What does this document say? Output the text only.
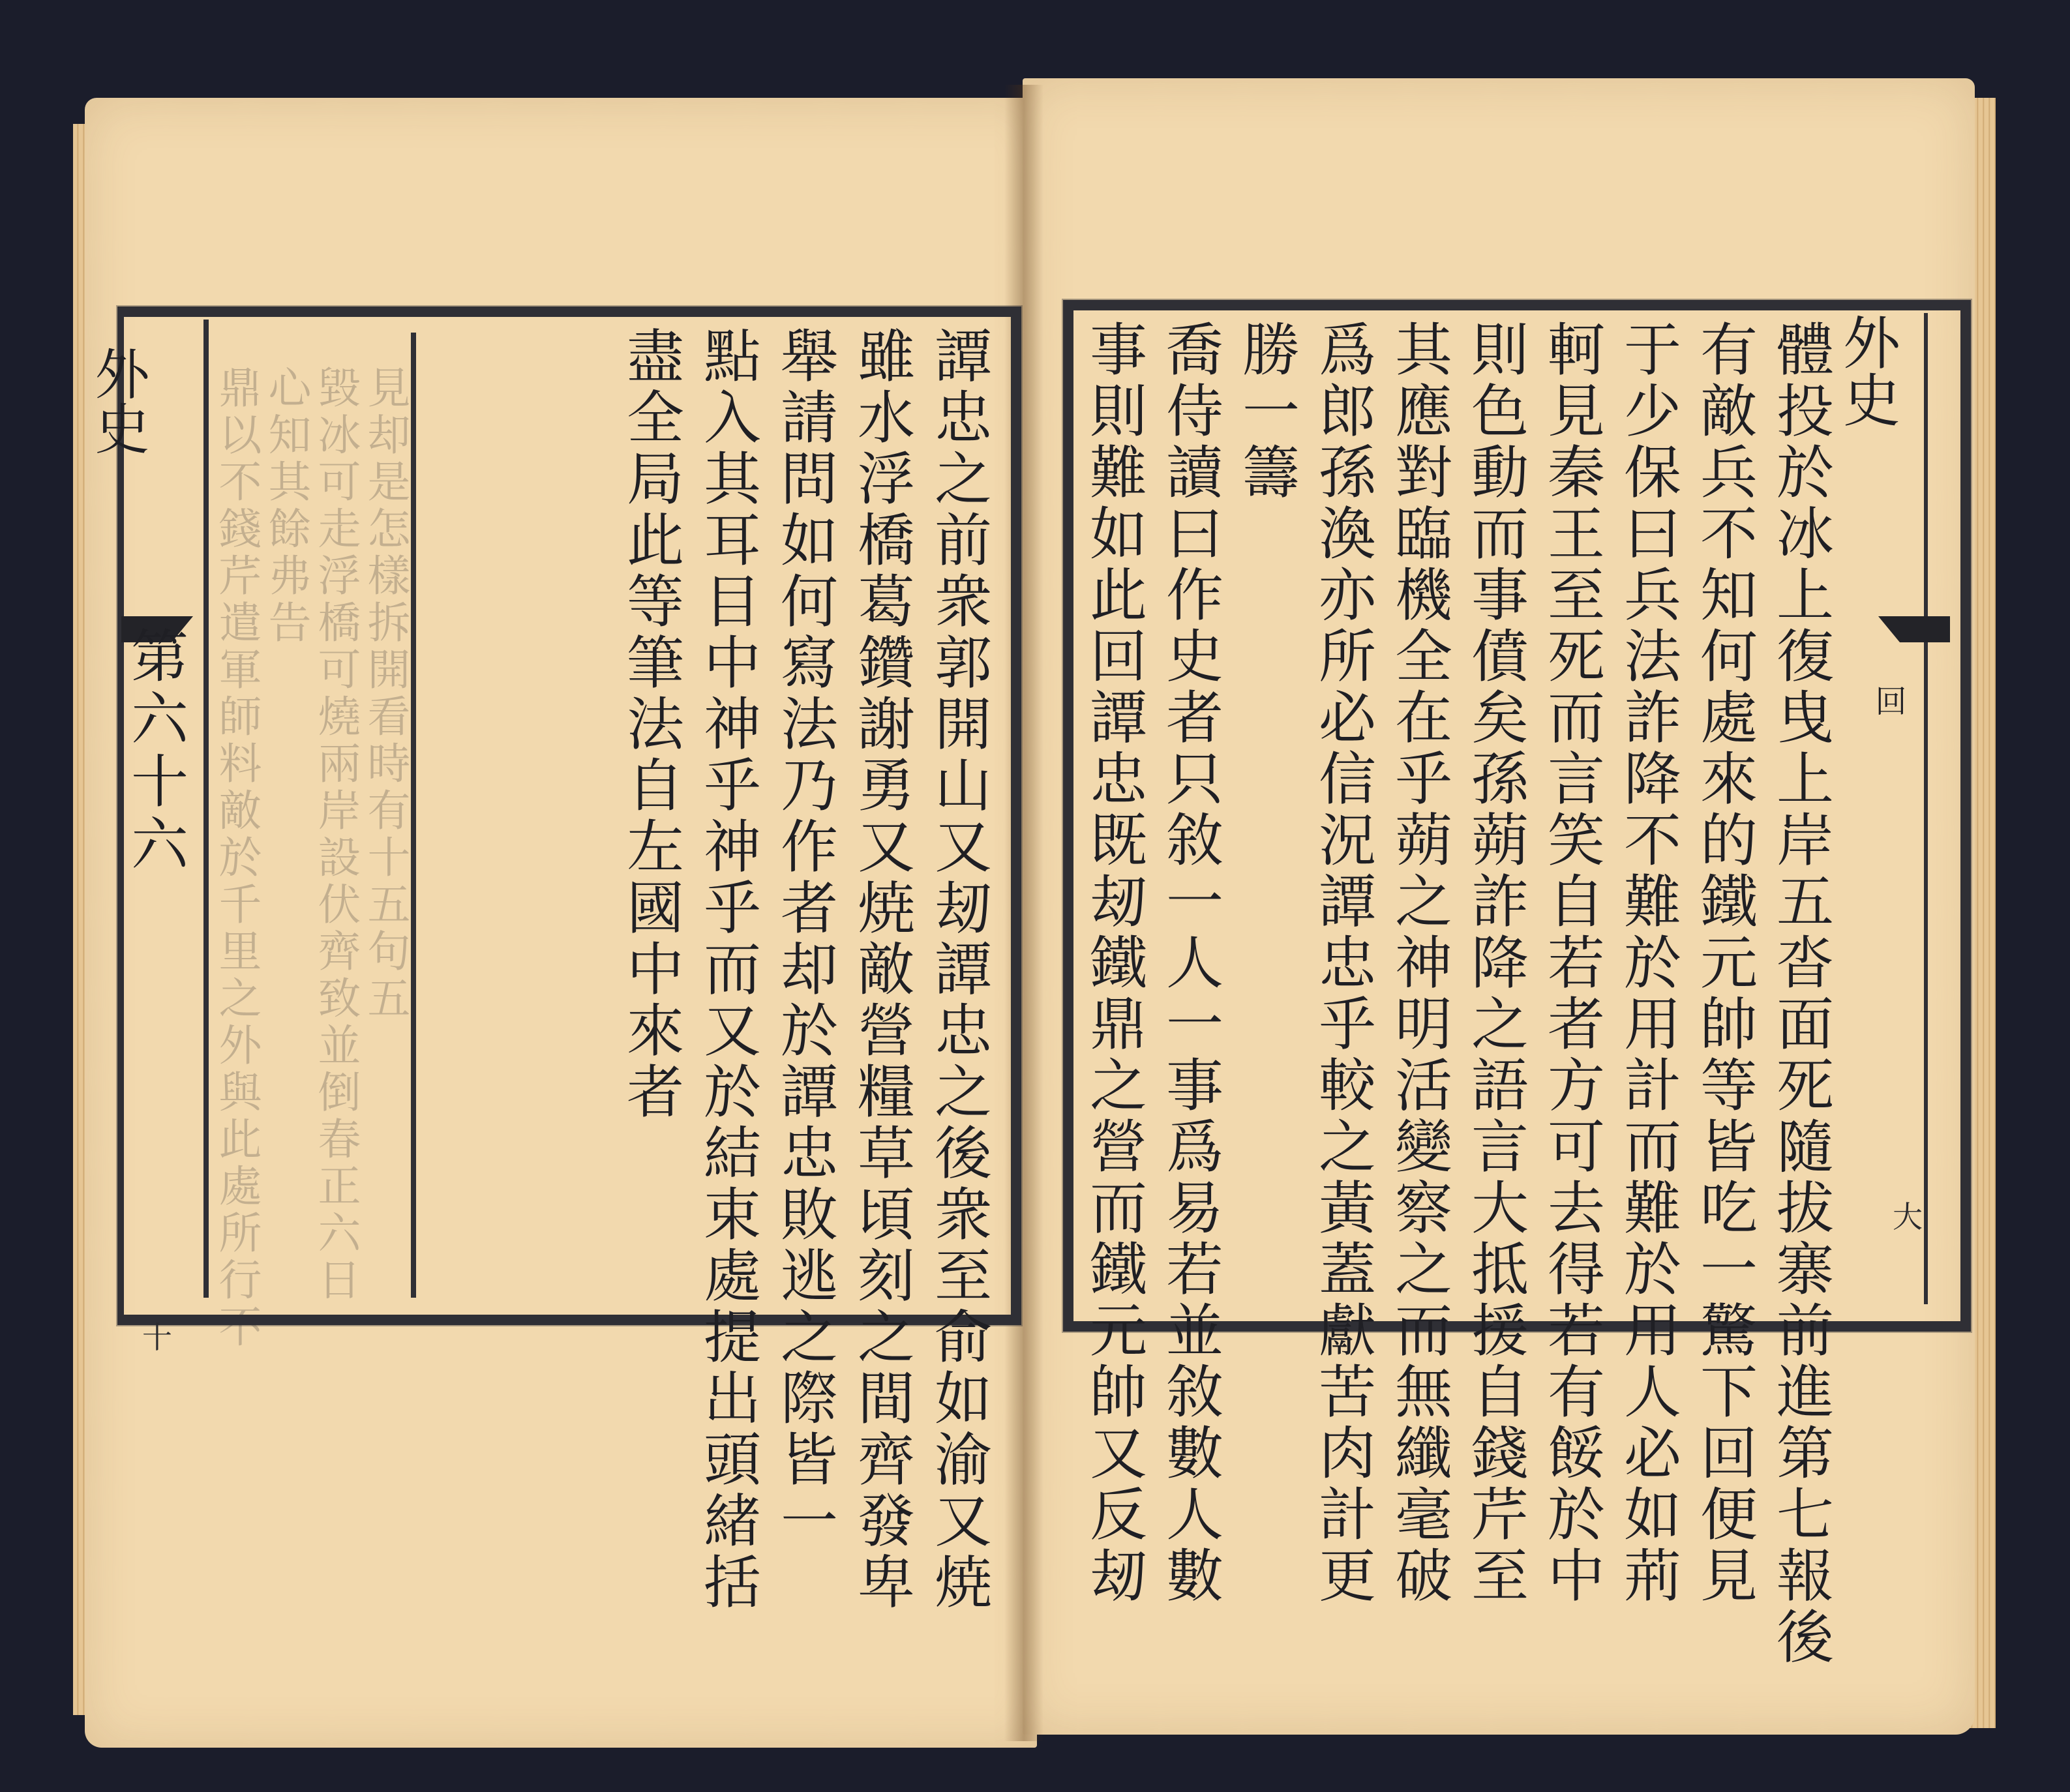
見却是怎樣拆開看時有十五句五
毀冰可走浮橋可燒兩岸設伏齊致並倒春正六日
心知其餘弗告
鼎以不錢芹遣軍師料敵於千里之外與此處所行不
外史
第六十六
十	譚忠之前衆郭開山又刼譚忠之後衆至俞如渝又焼
雖水浮橋葛鑽謝勇又焼敵營糧草頃刻之間齊發卑
舉請問如何寫法乃作者却於譚忠敗逃之際皆一
點入其耳目中神乎神乎而又於結束處提出頭緒括
盡全局此等筆法自左國中來者	外史
回
大
體投於冰上復曳上岸五沓面死隨拔寨前進第七報後
有敵兵不知何處來的鐵元帥等皆吃一驚下回便見
于少保曰兵法詐降不難於用計而難於用人必如荊
軻見秦王至死而言笑自若者方可去得若有餒於中
則色動而事僨矣孫蒴詐降之語言大抵援自錢芹至
其應對臨機全在乎蒴之神明活變察之而無纖毫破
爲郎孫渙亦所必信況譚忠乎較之黃蓋獻苦肉計更
勝一籌
喬侍讀曰作史者只敘一人一事爲易若並敘數人數
事則難如此回譚忠既刼鐵鼎之營而鐵元帥又反刼
